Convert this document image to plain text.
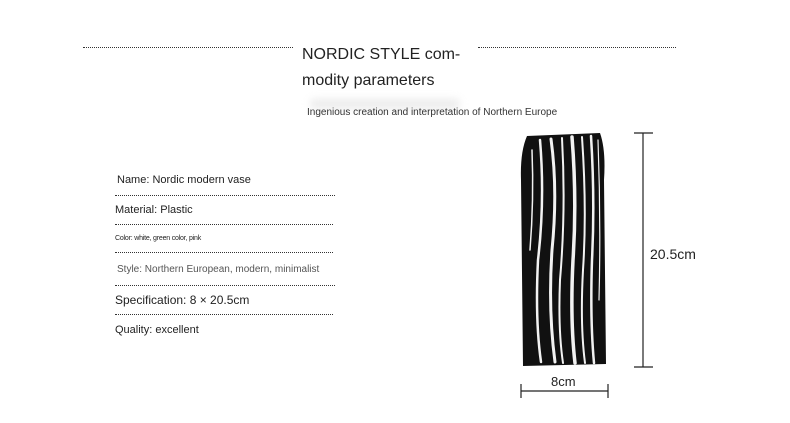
NORDIC STYLE com-modity parameters
Ingenious creation and interpretation of Northern Europe
Name: Nordic modern vase
Material: Plastic
Color: white, green color, pink
Style: Northern European, modern, minimalist
Specification: 8 × 20.5cm
Quality: excellent
20.5cm
8cm
